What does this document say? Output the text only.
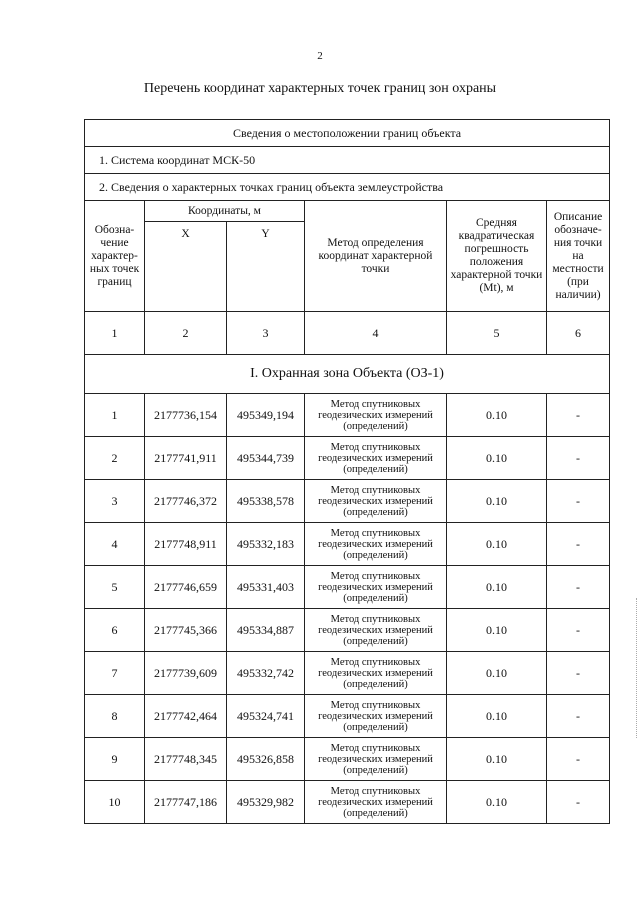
2
Перечень координат характерных точек границ зон охраны
Сведения о местоположении границ объекта					
1. Система координат МСК-50					
2. Сведения о характерных точках границ объекта землеустройства					
Обозна-чение характер-ных точек границ	Координаты, м		Метод определения координат характерной точки	Средняя квадратическая погрешность положения характерной точки (Mt), м	Описание обозначе-ния точки на местности (при наличии)
	X	Y			
1	2	3	4	5	6
I. Охранная зона Объекта (ОЗ-1)					
1	2177736,154	495349,194	Метод спутниковых геодезических измерений (определений)	0.10	-
2	2177741,911	495344,739	Метод спутниковых геодезических измерений (определений)	0.10	-
3	2177746,372	495338,578	Метод спутниковых геодезических измерений (определений)	0.10	-
4	2177748,911	495332,183	Метод спутниковых геодезических измерений (определений)	0.10	-
5	2177746,659	495331,403	Метод спутниковых геодезических измерений (определений)	0.10	-
6	2177745,366	495334,887	Метод спутниковых геодезических измерений (определений)	0.10	-
7	2177739,609	495332,742	Метод спутниковых геодезических измерений (определений)	0.10	-
8	2177742,464	495324,741	Метод спутниковых геодезических измерений (определений)	0.10	-
9	2177748,345	495326,858	Метод спутниковых геодезических измерений (определений)	0.10	-
10	2177747,186	495329,982	Метод спутниковых геодезических измерений (определений)	0.10	-
